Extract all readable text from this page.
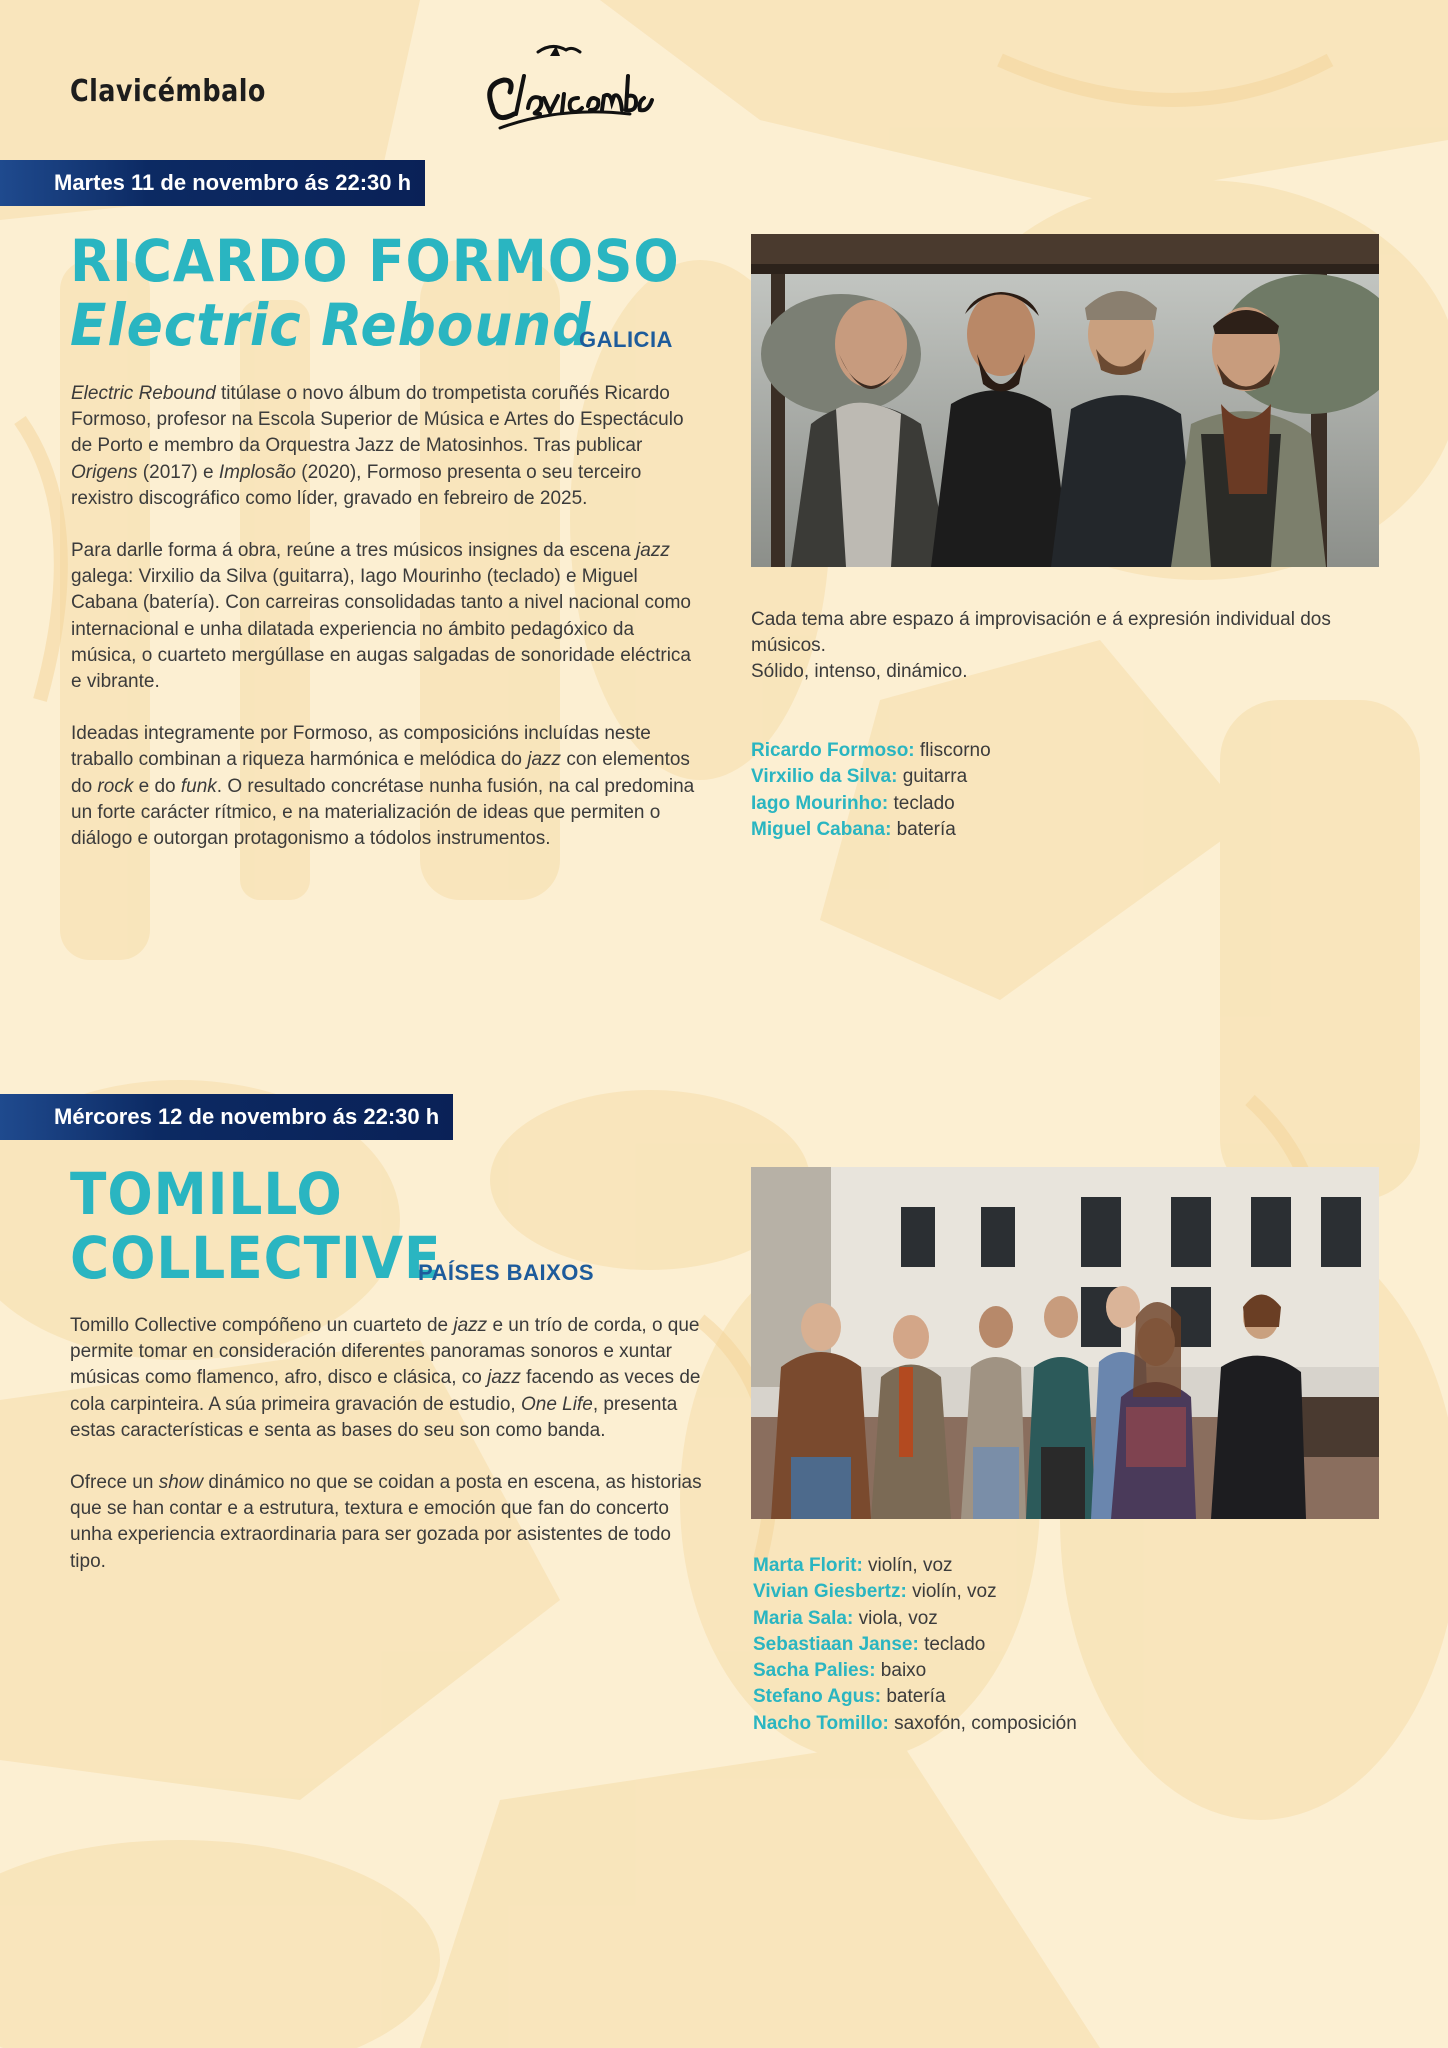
Clavicémbalo
Martes 11 de novembro ás 22:30 h
RICARDO FORMOSO
Electric Rebound
GALICIA

Electric Rebound titúlase o novo álbum do trompetista coruñés Ricardo Formoso, profesor na Escola Superior de Música e Artes do Espectáculo de Porto e membro da Orquestra Jazz de Matosinhos. Tras publicar Origens (2017) e Implosão (2020), Formoso presenta o seu terceiro rexistro discográfico como líder, gravado en febreiro de 2025.

Para darlle forma á obra, reúne a tres músicos insignes da escena jazz galega: Virxilio da Silva (guitarra), Iago Mourinho (teclado) e Miguel Cabana (batería). Con carreiras consolidadas tanto a nivel nacional como internacional e unha dilatada experiencia no ámbito pedagóxico da música, o cuarteto mergúllase en augas salgadas de sonoridade eléctrica e vibrante.

Ideadas integramente por Formoso, as composicións incluídas neste traballo combinan a riqueza harmónica e melódica do jazz con elementos do rock e do funk. O resultado concrétase nunha fusión, na cal predomina un forte carácter rítmico, e na materialización de ideas que permiten o diálogo e outorgan protagonismo a tódolos instrumentos.

Cada tema abre espazo á improvisación e á expresión individual dos músicos.
Sólido, intenso, dinámico.
Ricardo Formoso: fliscorno
Virxilio da Silva: guitarra
Iago Mourinho: teclado
Miguel Cabana: batería
Mércores 12 de novembro ás 22:30 h
TOMILLO
COLLECTIVE
PAÍSES BAIXOS

Tomillo Collective compóñeno un cuarteto de jazz e un trío de corda, o que permite tomar en consideración diferentes panoramas sonoros e xuntar músicas como flamenco, afro, disco e clásica, co jazz facendo as veces de cola carpinteira. A súa primeira gravación de estudio, One Life, presenta estas características e senta as bases do seu son como banda.

Ofrece un show dinámico no que se coidan a posta en escena, as historias que se han contar e a estrutura, textura e emoción que fan do concerto unha experiencia extraordinaria para ser gozada por asistentes de todo tipo.	Marta Florit: violín, voz
Vivian Giesbertz: violín, voz
Maria Sala: viola, voz
Sebastiaan Janse: teclado
Sacha Palies: baixo
Stefano Agus: batería
Nacho Tomillo: saxofón, composición
